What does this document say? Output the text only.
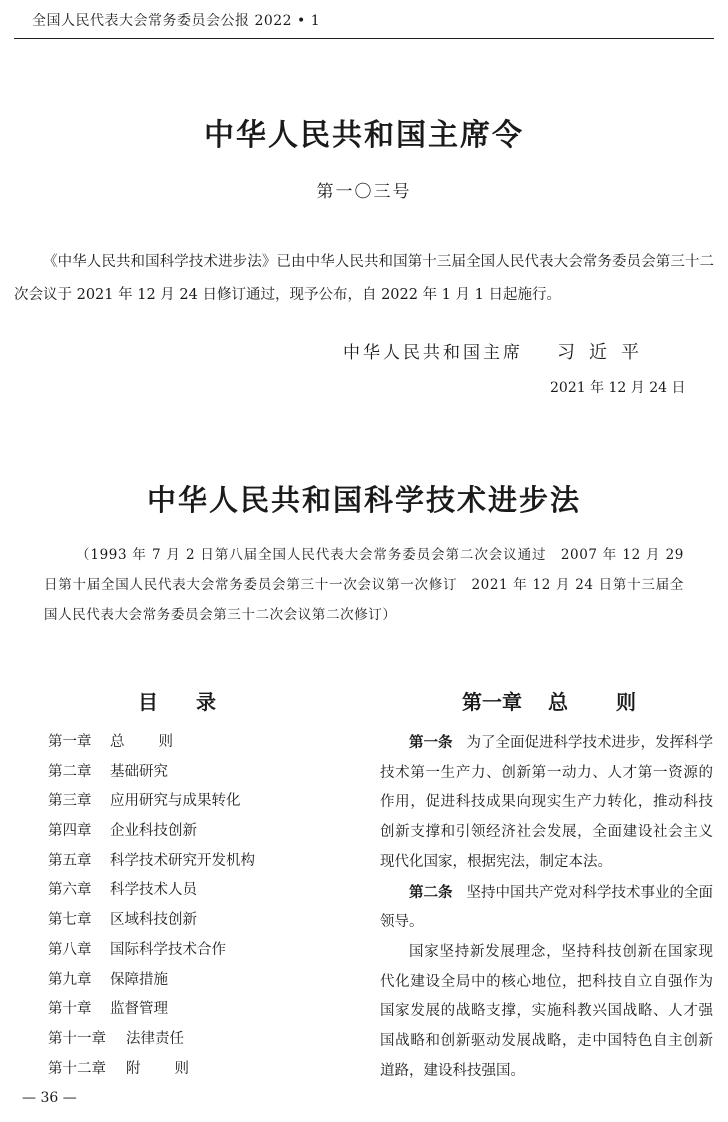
全国人民代表大会常务委员会公报 2022 • 1
中华人民共和国主席令
第一〇三号
《中华人民共和国科学技术进步法》已由中华人民共和国第十三届全国人民代表大会常务委员会第三十二次会议于 2021 年 12 月 24 日修订通过，现予公布，自 2022 年 1 月 1 日起施行。
中华人民共和国主席 习近平
2021 年 12 月 24 日
中华人民共和国科学技术进步法
（1993 年 7 月 2 日第八届全国人民代表大会常务委员会第二次会议通过　2007 年 12 月 29 日第十届全国人民代表大会常务委员会第三十一次会议第一次修订　2021 年 12 月 24 日第十三届全国人民代表大会常务委员会第三十二次会议第二次修订）
目录
第一章	总则
第二章	基础研究
第三章	应用研究与成果转化
第四章	企业科技创新
第五章	科学技术研究开发机构
第六章	科学技术人员
第七章	区域科技创新
第八章	国际科学技术合作
第九章	保障措施
第十章	监督管理
第十一章	法律责任
第十二章	附则
第一章 总 则

第一条 为了全面促进科学技术进步，发挥科学技术第一生产力、创新第一动力、人才第一资源的作用，促进科技成果向现实生产力转化，推动科技创新支撑和引领经济社会发展，全面建设社会主义现代化国家，根据宪法，制定本法。

第二条 坚持中国共产党对科学技术事业的全面领导。

国家坚持新发展理念，坚持科技创新在国家现代化建设全局中的核心地位，把科技自立自强作为国家发展的战略支撑，实施科教兴国战略、人才强国战略和创新驱动发展战略，走中国特色自主创新道路，建设科技强国。

— 36 —
